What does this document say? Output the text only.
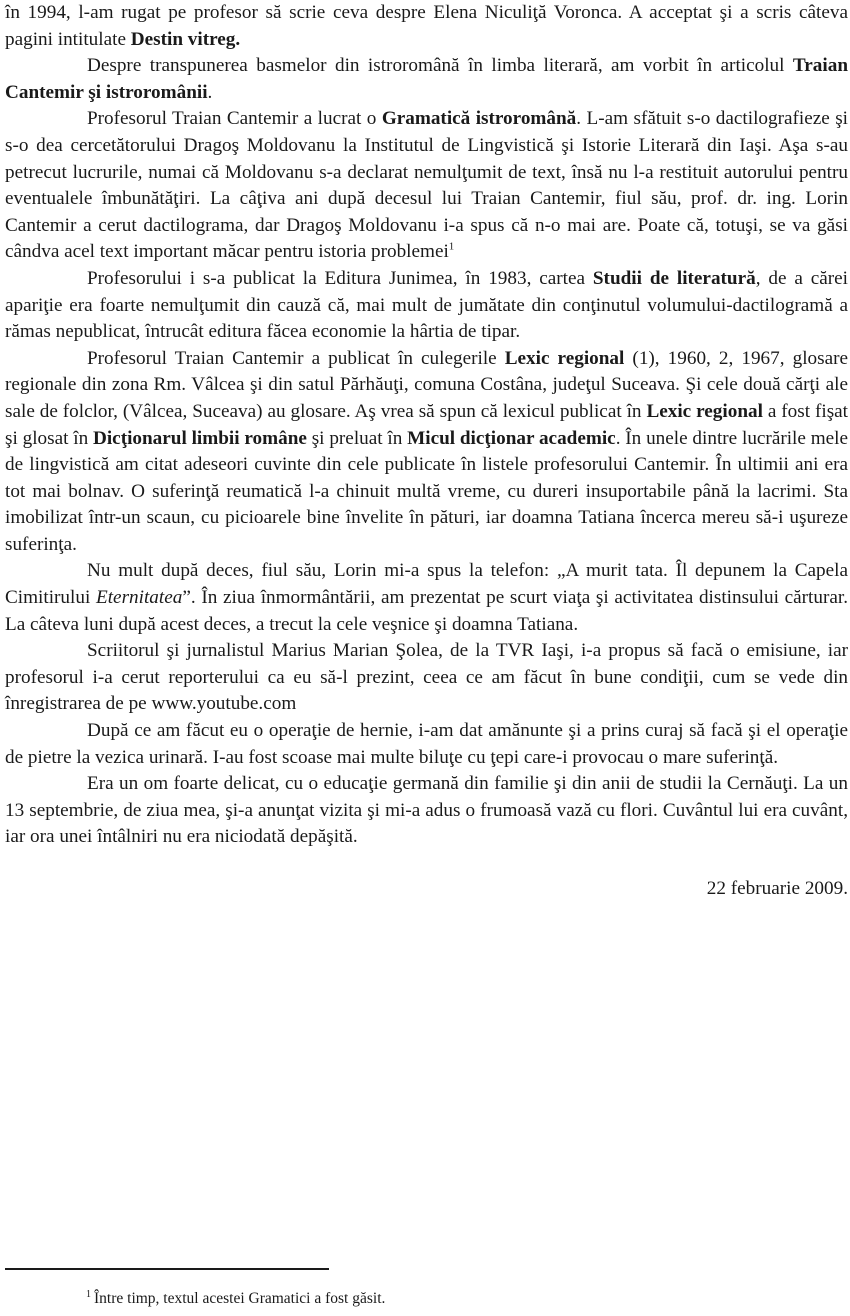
în 1994, l-am rugat pe profesor să scrie ceva despre Elena Niculiţă Voronca. A acceptat şi a scris câteva pagini intitulate Destin vitreg.

Despre transpunerea basmelor din istroromână în limba literară, am vorbit în articolul Traian Cantemir şi istroromânii.

Profesorul Traian Cantemir a lucrat o Gramatică istroromână. L-am sfătuit s-o dactilografieze şi s-o dea cercetătorului Dragoş Moldovanu la Institutul de Lingvistică şi Istorie Literară din Iaşi. Aşa s-au petrecut lucrurile, numai că Moldovanu s-a declarat nemulţumit de text, însă nu l-a restituit autorului pentru eventualele îmbunătăţiri. La câţiva ani după decesul lui Traian Cantemir, fiul său, prof. dr. ing. Lorin Cantemir a cerut dactilograma, dar Dragoş Moldovanu i-a spus că n-o mai are. Poate că, totuşi, se va găsi cândva acel text important măcar pentru istoria problemei$^1$

Profesorului i s-a publicat la Editura Junimea, în 1983, cartea Studii de literatură, de a cărei apariţie era foarte nemulţumit din cauză că, mai mult de jumătate din conţinutul volumului-dactilogramă a rămas nepublicat, întrucât editura făcea economie la hârtia de tipar.

Profesorul Traian Cantemir a publicat în culegerile Lexic regional (1), 1960, 2, 1967, glosare regionale din zona Rm. Vâlcea şi din satul Părhăuţi, comuna Costâna, judeţul Suceava. Şi cele două cărţi ale sale de folclor, (Vâlcea, Suceava) au glosare. Aş vrea să spun că lexicul publicat în Lexic regional a fost fişat şi glosat în Dicţionarul limbii române şi preluat în Micul dicţionar academic. În unele dintre lucrările mele de lingvistică am citat adeseori cuvinte din cele publicate în listele profesorului Cantemir. În ultimii ani era tot mai bolnav. O suferinţă reumatică l-a chinuit multă vreme, cu dureri insuportabile până la lacrimi. Sta imobilizat într-un scaun, cu picioarele bine învelite în pături, iar doamna Tatiana încerca mereu să-i uşureze suferinţa.

Nu mult după deces, fiul său, Lorin mi-a spus la telefon: „A murit tata. Îl depunem la Capela Cimitirului Eternitatea”. În ziua înmormântării, am prezentat pe scurt viaţa şi activitatea distinsului cărturar. La câteva luni după acest deces, a trecut la cele veşnice şi doamna Tatiana.

Scriitorul şi jurnalistul Marius Marian Şolea, de la TVR Iaşi, i-a propus să facă o emisiune, iar profesorul i-a cerut reporterului ca eu să-l prezint, ceea ce am făcut în bune condiţii, cum se vede din înregistrarea de pe www.youtube.com

După ce am făcut eu o operaţie de hernie, i-am dat amănunte şi a prins curaj să facă şi el operaţie de pietre la vezica urinară. I-au fost scoase mai multe biluţe cu ţepi care-i provocau o mare suferinţă.

Era un om foarte delicat, cu o educaţie germană din familie şi din anii de studii la Cernăuţi. La un 13 septembrie, de ziua mea, şi-a anunţat vizita şi mi-a adus o frumoasă vază cu flori. Cuvântul lui era cuvânt, iar ora unei întâlniri nu era niciodată depăşită.

22 februarie 2009.

$^1$ Între timp, textul acestei Gramatici a fost găsit.
